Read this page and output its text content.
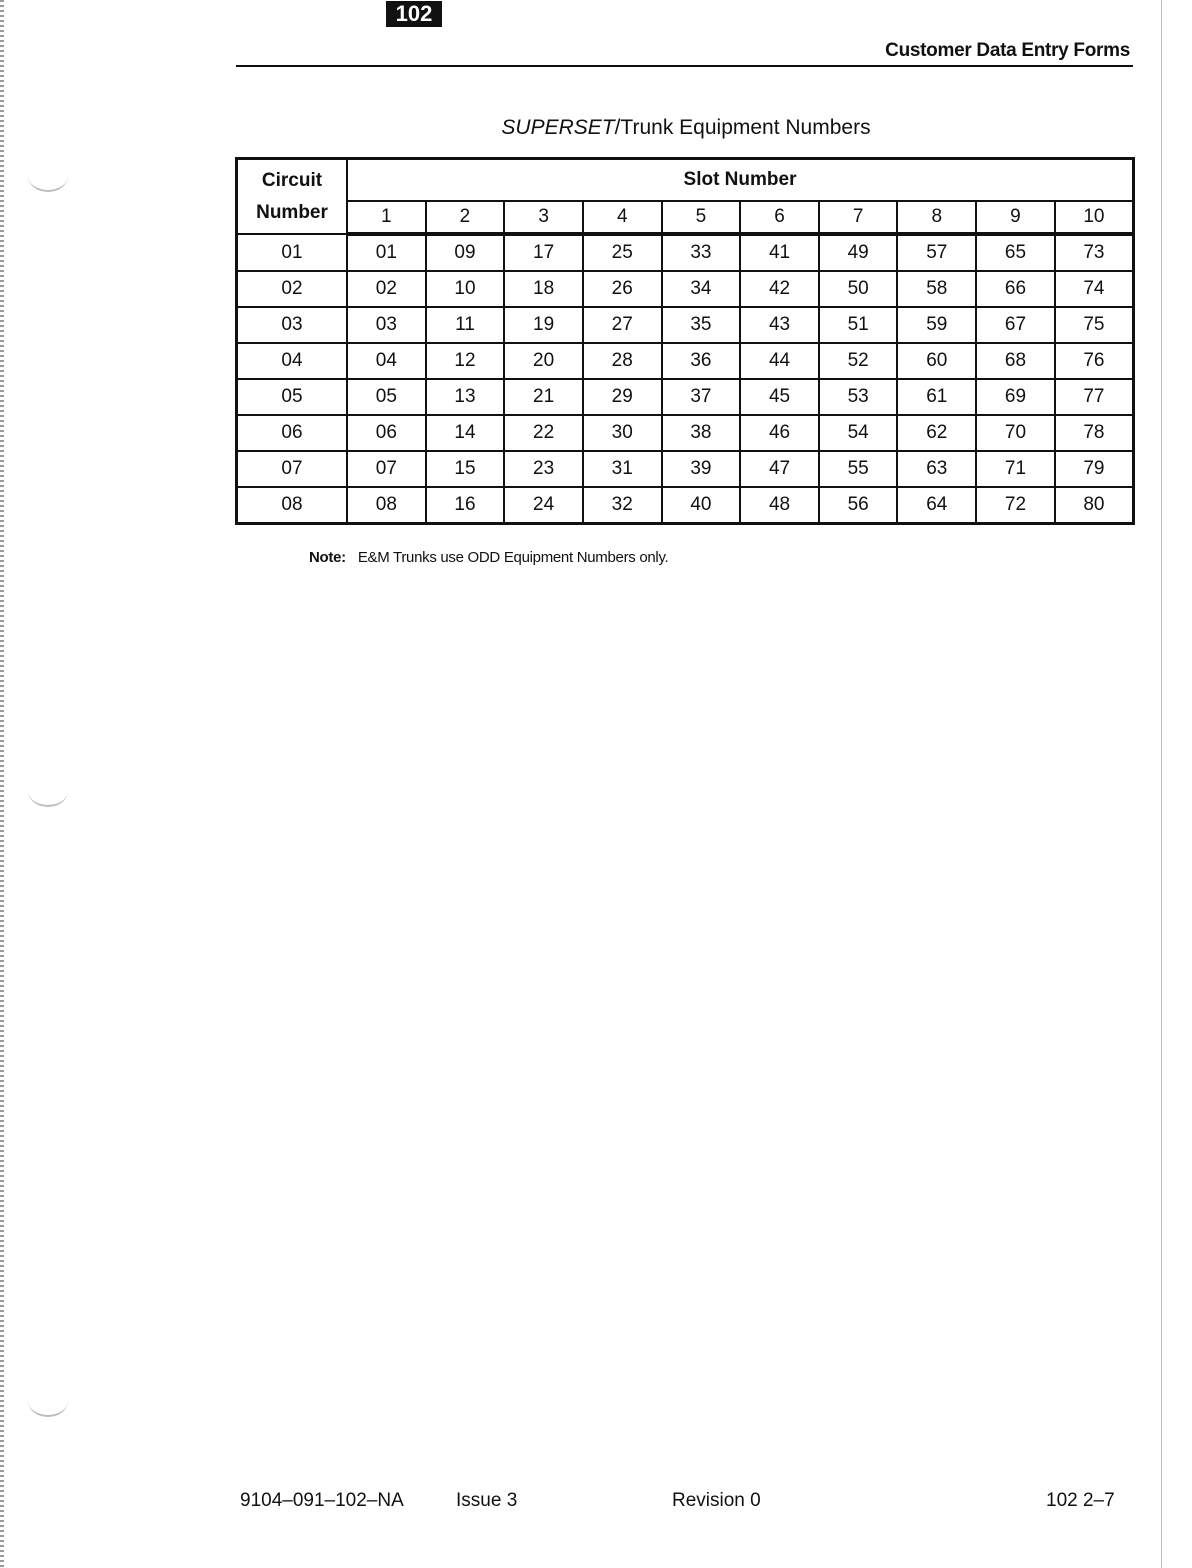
102
Customer Data Entry Forms
SUPERSET/Trunk Equipment Numbers
Circuit
Number	Slot Number									
	1	2	3	4	5	6	7	8	9	10
01	01	09	17	25	33	41	49	57	65	73
02	02	10	18	26	34	42	50	58	66	74
03	03	11	19	27	35	43	51	59	67	75
04	04	12	20	28	36	44	52	60	68	76
05	05	13	21	29	37	45	53	61	69	77
06	06	14	22	30	38	46	54	62	70	78
07	07	15	23	31	39	47	55	63	71	79
08	08	16	24	32	40	48	56	64	72	80
Note: E&M Trunks use ODD Equipment Numbers only.
9104–091–102–NA	Issue 3	Revision 0	102 2–7
